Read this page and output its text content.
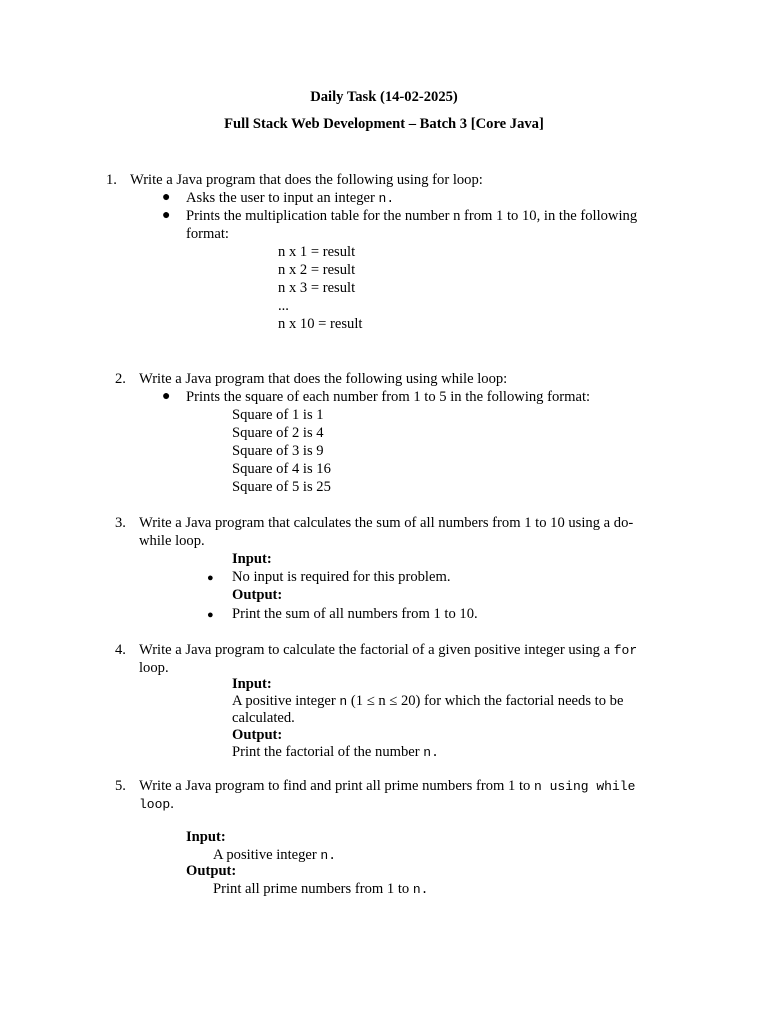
Daily Task (14-02-2025)
Full Stack Web Development – Batch 3 [Core Java]
1. Write a Java program that does the following using for loop:
● Asks the user to input an integer n.
● Prints the multiplication table for the number n from 1 to 10, in the following
format:
n x 1 = result
n x 2 = result
n x 3 = result
...
n x 10 = result
2. Write a Java program that does the following using while loop:
● Prints the square of each number from 1 to 5 in the following format:
Square of 1 is 1
Square of 2 is 4
Square of 3 is 9
Square of 4 is 16
Square of 5 is 25
3. Write a Java program that calculates the sum of all numbers from 1 to 10 using a do-
while loop.
Input:
● No input is required for this problem.
Output:
● Print the sum of all numbers from 1 to 10.
4. Write a Java program to calculate the factorial of a given positive integer using a for
loop.
Input:
A positive integer n (1 ≤ n ≤ 20) for which the factorial needs to be
calculated.
Output:
Print the factorial of the number n.
5. Write a Java program to find and print all prime numbers from 1 to n using while
loop.
Input:
A positive integer n.
Output:
Print all prime numbers from 1 to n.
